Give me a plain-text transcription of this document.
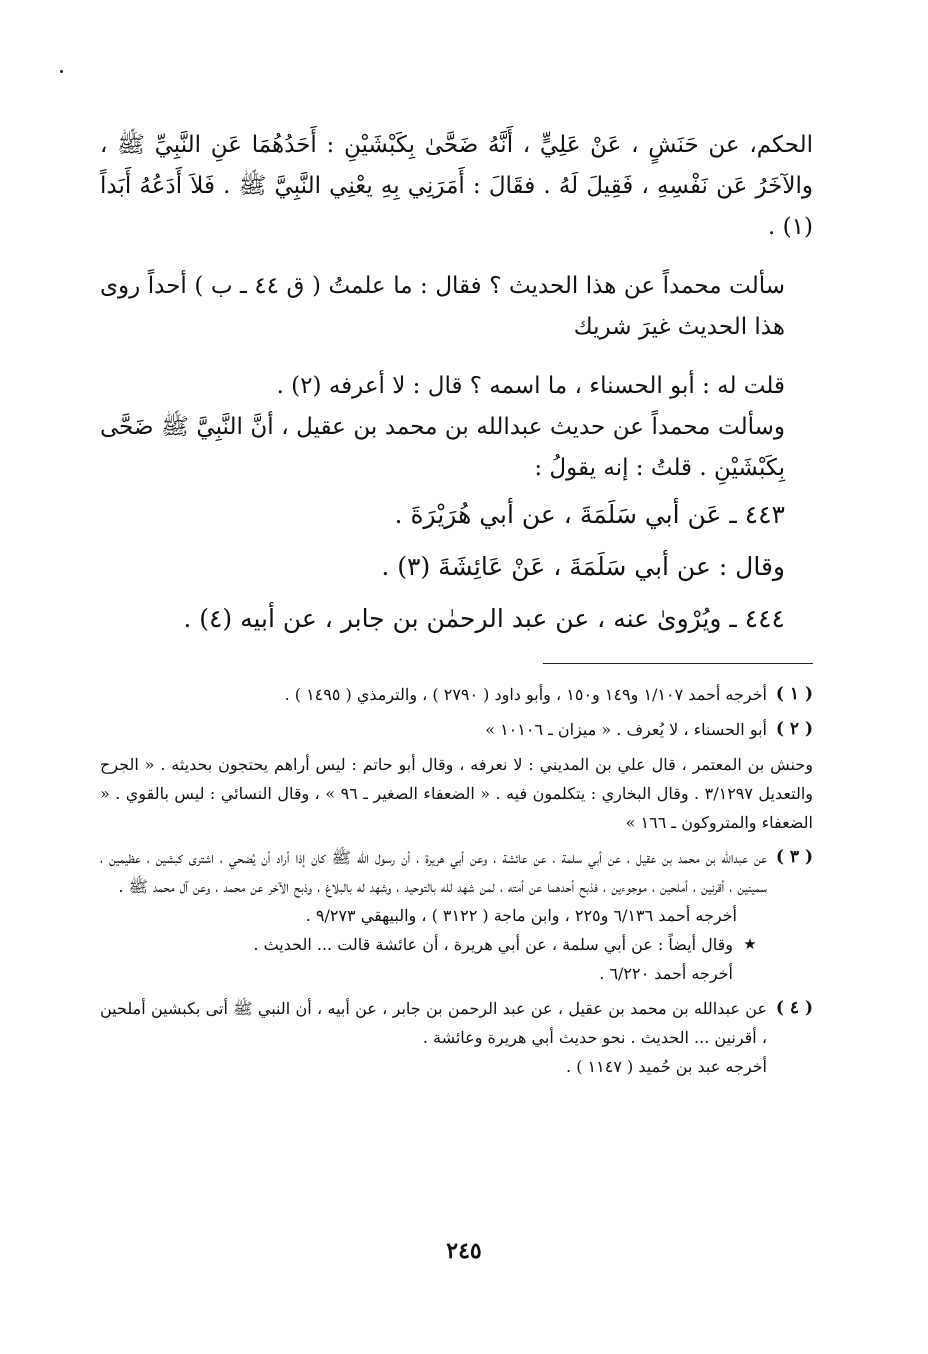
الحكم، عن حَنَشٍ ، عَنْ عَلِيٍّ ، أَنَّهُ ضَحَّىٰ بِكَبْشَيْنِ : أَحَدُهُمَا عَنِ النَّبِيِّ ﷺ ، والآخَرُ عَن نَفْسِهِ ، فَقِيلَ لَهُ . فقَالَ : أَمَرَنِي بِهِ يعْنِي النَّبِيَّ ﷺ . فَلاَ أَدَعُهُ أَبَداً (١) .

سألت محمداً عن هذا الحديث ؟ فقال : ما علمتُ ( ق ٤٤ ـ ب ) أحداً روى هذا الحديث غيرَ شريك

قلت له : أبو الحسناء ، ما اسمه ؟ قال : لا أعرفه (٢) .

وسألت محمداً عن حديث عبدالله بن محمد بن عقيل ، أنَّ النَّبِيَّ ﷺ ضَحَّى بِكَبْشَيْنِ . قلتُ : إنه يقولُ :

٤٤٣ ـ عَن أبي سَلَمَةَ ، عن أبي هُرَيْرَةَ .

وقال : عن أبي سَلَمَةَ ، عَنْ عَائِشَةَ (٣) .

٤٤٤ ـ ويُرْوىٰ عنه ، عن عبد الرحمٰن بن جابر ، عن أبيه (٤) .

( ١ )
أخرجه أحمد ١/١٠٧ و١٤٩ و١٥٠ ، وأبو داود ( ٢٧٩٠ ) ، والترمذي ( ١٤٩٥ ) .
( ٢ )
أبو الحسناء ، لا يُعرف . « ميزان ـ ١٠١٠٦ »

وحنش بن المعتمر ، قال علي بن المديني : لا نعرفه ، وقال أبو حاتم : ليس أراهم يحتجون بحديثه . « الجرح والتعديل ٣/١٢٩٧ . وقال البخاري : يتكلمون فيه . « الضعفاء الصغير ـ ٩٦ » ، وقال النسائي : ليس بالقوي . « الضعفاء والمتروكون ـ ١٦٦ »

( ٣ )
عن عبدالله بن محمد بن عقيل ، عن أبي سلمة ، عن عائشة ، وعن أبي هريرة ، أن رسول الله ﷺ كان إذا أراد أن يُضحي ، اشترى كبشين ، عظيمين ، سمينين ، أقرنين ، أملحين ، موجوءين ، فذبح أحدهما عن أمته ، لمن شهد لله بالتوحيد ، وشهد له بالبلاغ ، وذبح الآخر عن محمد ، وعن آل محمد ﷺ .
أخرجه أحمد ٦/١٣٦ و٢٢٥ ، وابن ماجة ( ٣١٢٢ ) ، والبيهقي ٩/٢٧٣ .
★
وقال أيضاً : عن أبي سلمة ، عن أبي هريرة ، أن عائشة قالت ... الحديث .
أخرجه أحمد ٦/٢٢٠ .
( ٤ )
عن عبدالله بن محمد بن عقيل ، عن عبد الرحمن بن جابر ، عن أبيه ، أن النبي ﷺ أتى بكبشين أملحين ، أقرنين ... الحديث . نحو حديث أبي هريرة وعائشة .
أخرجه عبد بن حُميد ( ١١٤٧ ) .
٢٤٥
